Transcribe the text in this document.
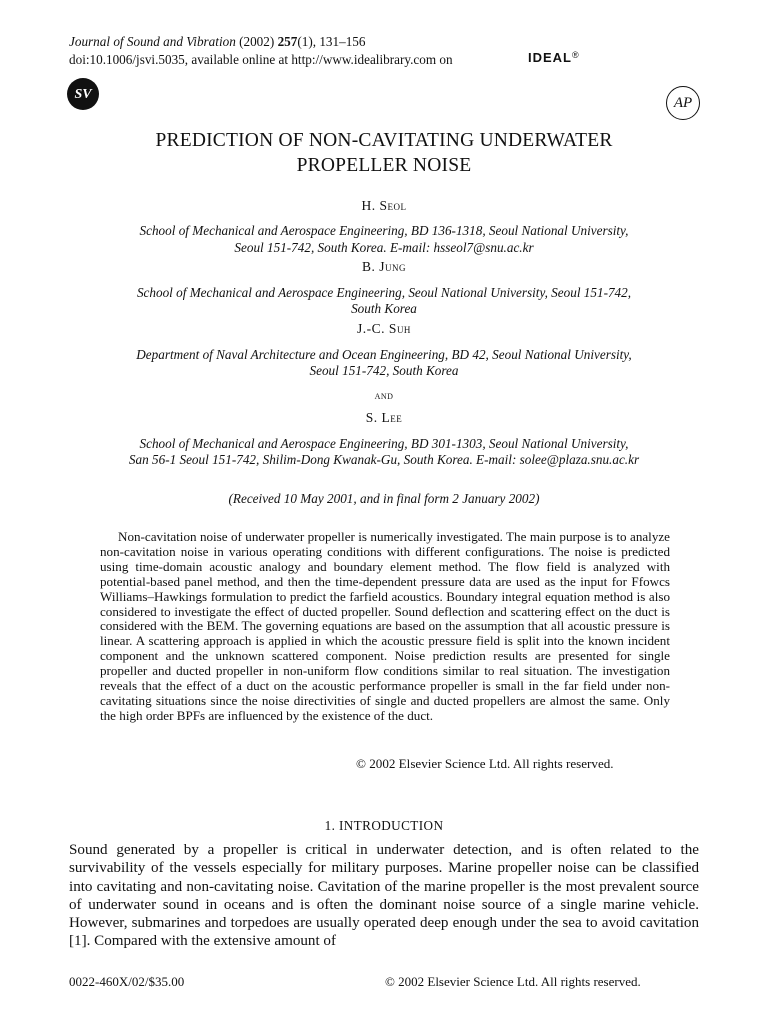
Journal of Sound and Vibration (2002) 257(1), 131–156
doi:10.1006/jsvi.5035, available online at http://www.idealibrary.com on	IDEAL®
SV
AP
PREDICTION OF NON-CAVITATING UNDERWATER
PROPELLER NOISE
H. Seol
School of Mechanical and Aerospace Engineering, BD 136-1318, Seoul National University,
Seoul 151-742, South Korea. E-mail: hsseol7@snu.ac.kr
B. Jung
School of Mechanical and Aerospace Engineering, Seoul National University, Seoul 151-742,
South Korea
J.-C. Suh
Department of Naval Architecture and Ocean Engineering, BD 42, Seoul National University,
Seoul 151-742, South Korea
and
S. Lee
School of Mechanical and Aerospace Engineering, BD 301-1303, Seoul National University,
San 56-1 Seoul 151-742, Shilim-Dong Kwanak-Gu, South Korea. E-mail: solee@plaza.snu.ac.kr
(Received 10 May 2001, and in final form 2 January 2002)
Non-cavitation noise of underwater propeller is numerically investigated. The main purpose is to analyze non-cavitation noise in various operating conditions with different configurations. The noise is predicted using time-domain acoustic analogy and boundary element method. The flow field is analyzed with potential-based panel method, and then the time-dependent pressure data are used as the input for Ffowcs Williams–Hawkings formulation to predict the farfield acoustics. Boundary integral equation method is also considered to investigate the effect of ducted propeller. Sound deflection and scattering effect on the duct is considered with the BEM. The governing equations are based on the assumption that all acoustic pressure is linear. A scattering approach is applied in which the acoustic pressure field is split into the known incident component and the unknown scattered component. Noise prediction results are presented for single propeller and ducted propeller in non-uniform flow conditions similar to real situation. The investigation reveals that the effect of a duct on the acoustic performance propeller is small in the far field under non-cavitating situations since the noise directivities of single and ducted propellers are almost the same. Only the high order BPFs are influenced by the existence of the duct.
© 2002 Elsevier Science Ltd. All rights reserved.
1. INTRODUCTION
Sound generated by a propeller is critical in underwater detection, and is often related to the survivability of the vessels especially for military purposes. Marine propeller noise can be classified into cavitating and non-cavitating noise. Cavitation of the marine propeller is the most prevalent source of underwater sound in oceans and is often the dominant noise source of a single marine vehicle. However, submarines and torpedoes are usually operated deep enough under the sea to avoid cavitation [1]. Compared with the extensive amount of
0022-460X/02/$35.00	© 2002 Elsevier Science Ltd. All rights reserved.
